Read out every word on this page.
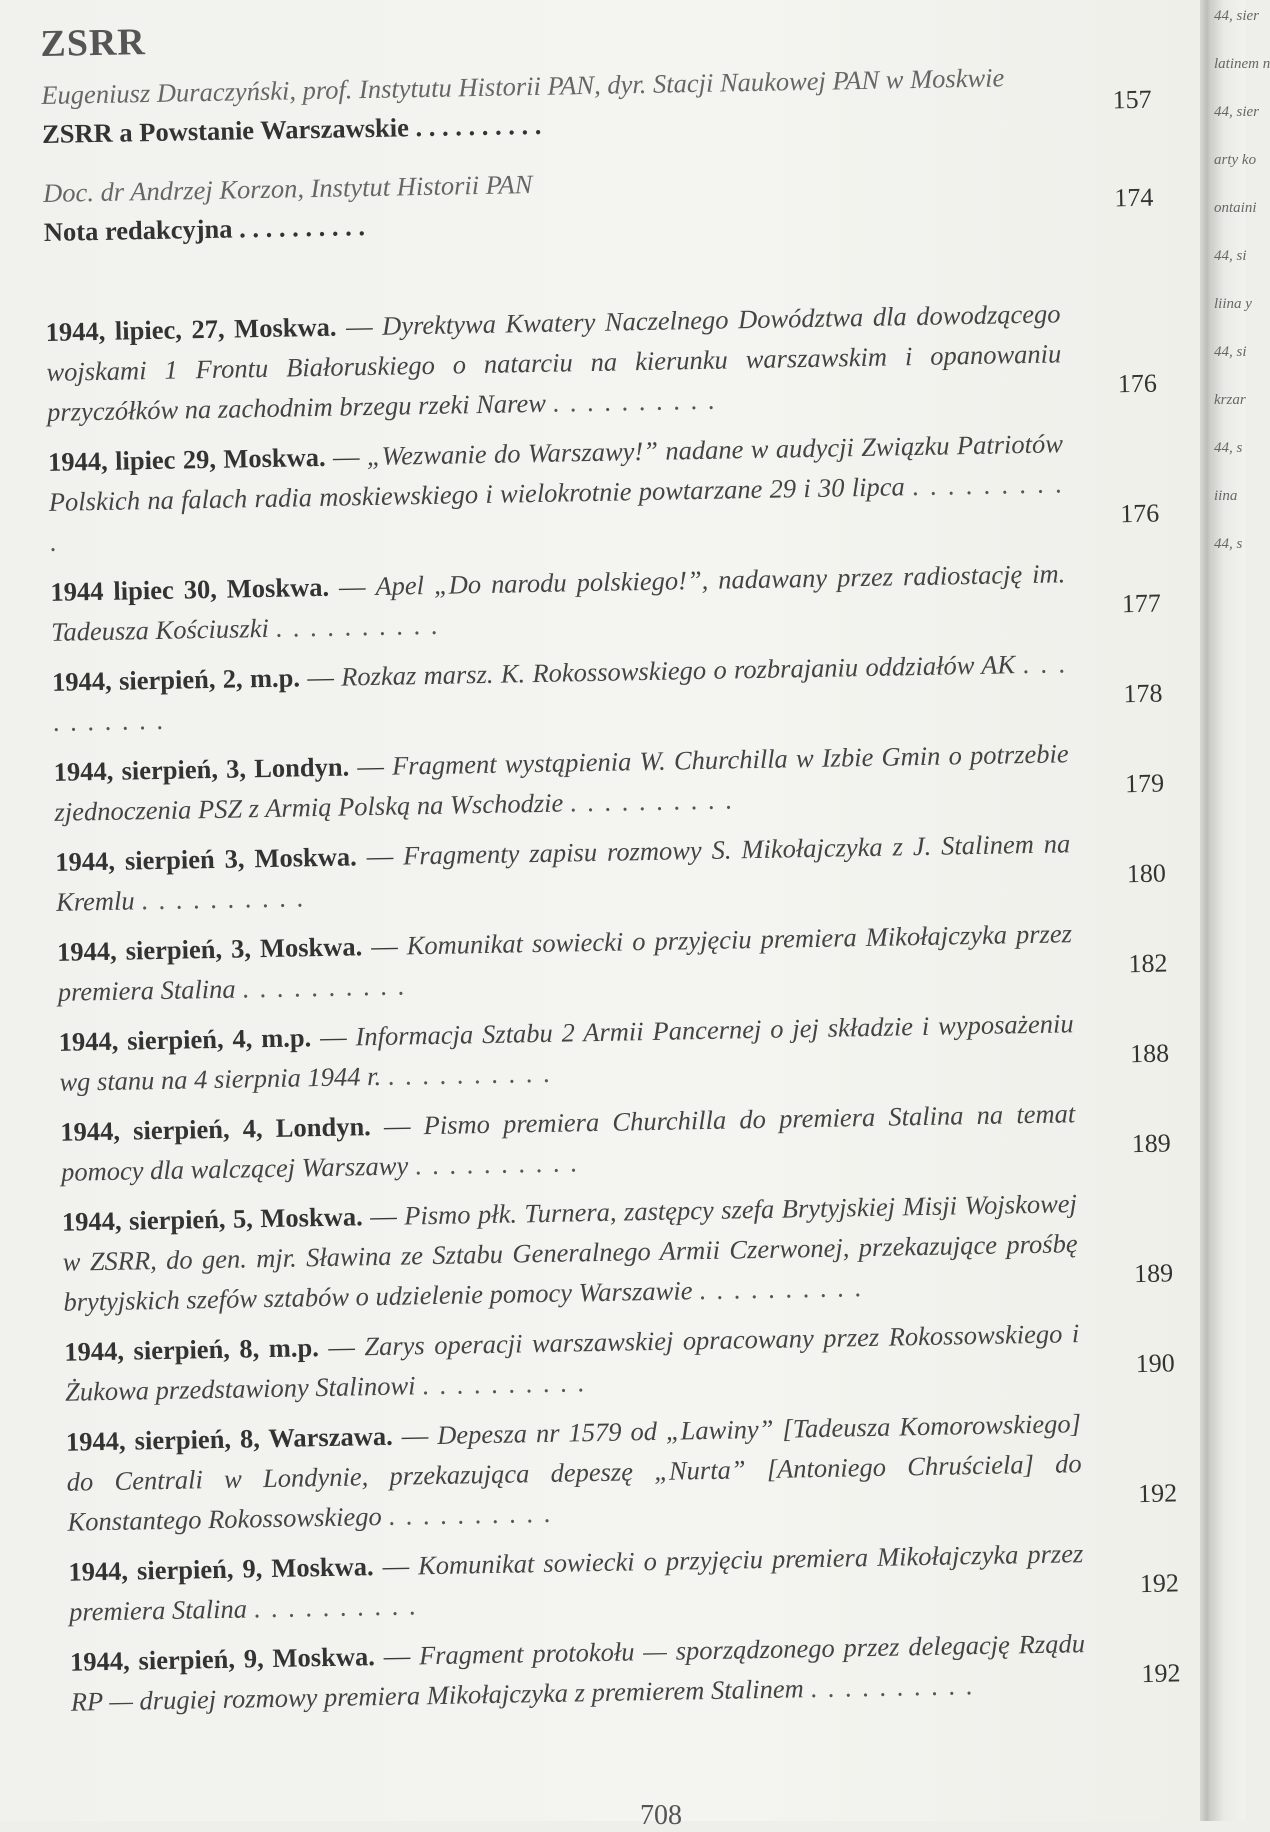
ZSRR
Eugeniusz Duraczyński, prof. Instytutu Historii PAN, dyr. Stacji Naukowej PAN w Moskwie
ZSRR a Powstanie Warszawskie . . . . . . . . . .
157
Doc. dr Andrzej Korzon, Instytut Historii PAN
Nota redakcyjna . . . . . . . . . .
174
1944, lipiec, 27, Moskwa. — Dyrektywa Kwatery Naczelnego Dowództwa dla dowodzącego wojskami 1 Frontu Białoruskiego o natarciu na kierunku warszawskim i opanowaniu przyczółków na zachodnim brzegu rzeki Narew . . . . . . . . . .
176
1944, lipiec 29, Moskwa. — „Wezwanie do Warszawy!” nadane w audycji Związku Patriotów Polskich na falach radia moskiewskiego i wielokrotnie powtarzane 29 i 30 lipca . . . . . . . . . .
176
1944 lipiec 30, Moskwa. — Apel „Do narodu polskiego!”, nadawany przez radiostację im. Tadeusza Kościuszki . . . . . . . . . .
177
1944, sierpień, 2, m.p. — Rozkaz marsz. K. Rokossowskiego o rozbrajaniu oddziałów AK . . . . . . . . . .
178
1944, sierpień, 3, Londyn. — Fragment wystąpienia W. Churchilla w Izbie Gmin o potrzebie zjednoczenia PSZ z Armią Polską na Wschodzie . . . . . . . . . .
179
1944, sierpień 3, Moskwa. — Fragmenty zapisu rozmowy S. Mikołajczyka z J. Stalinem na Kremlu . . . . . . . . . .
180
1944, sierpień, 3, Moskwa. — Komunikat sowiecki o przyjęciu premiera Mikołajczyka przez premiera Stalina . . . . . . . . . .
182
1944, sierpień, 4, m.p. — Informacja Sztabu 2 Armii Pancernej o jej składzie i wyposażeniu wg stanu na 4 sierpnia 1944 r. . . . . . . . . . .
188
1944, sierpień, 4, Londyn. — Pismo premiera Churchilla do premiera Stalina na temat pomocy dla walczącej Warszawy . . . . . . . . . .
189
1944, sierpień, 5, Moskwa. — Pismo płk. Turnera, zastępcy szefa Brytyjskiej Misji Wojskowej w ZSRR, do gen. mjr. Sławina ze Sztabu Generalnego Armii Czerwonej, przekazujące prośbę brytyjskich szefów sztabów o udzielenie pomocy Warszawie . . . . . . . . . .	189
1944, sierpień, 8, m.p. — Zarys operacji warszawskiej opracowany przez Rokossowskiego i Żukowa przedstawiony Stalinowi . . . . . . . . . .
190
1944, sierpień, 8, Warszawa. — Depesza nr 1579 od „Lawiny” [Tadeusza Komorowskiego] do Centrali w Londynie, przekazująca depeszę „Nurta” [Antoniego Chruściela] do Konstantego Rokossowskiego . . . . . . . . . .
192
1944, sierpień, 9, Moskwa. — Komunikat sowiecki o przyjęciu premiera Mikołajczyka przez premiera Stalina . . . . . . . . . .
192
1944, sierpień, 9, Moskwa. — Fragment protokołu — sporządzonego przez delegację Rządu RP — drugiej rozmowy premiera Mikołajczyka z premierem Stalinem . . . . . . . . . .	192
708
44, sier
latinem n
44, sier
arty ko
ontaini
44, si
liina y
44, si
krzar
44, s
iina
44, s
